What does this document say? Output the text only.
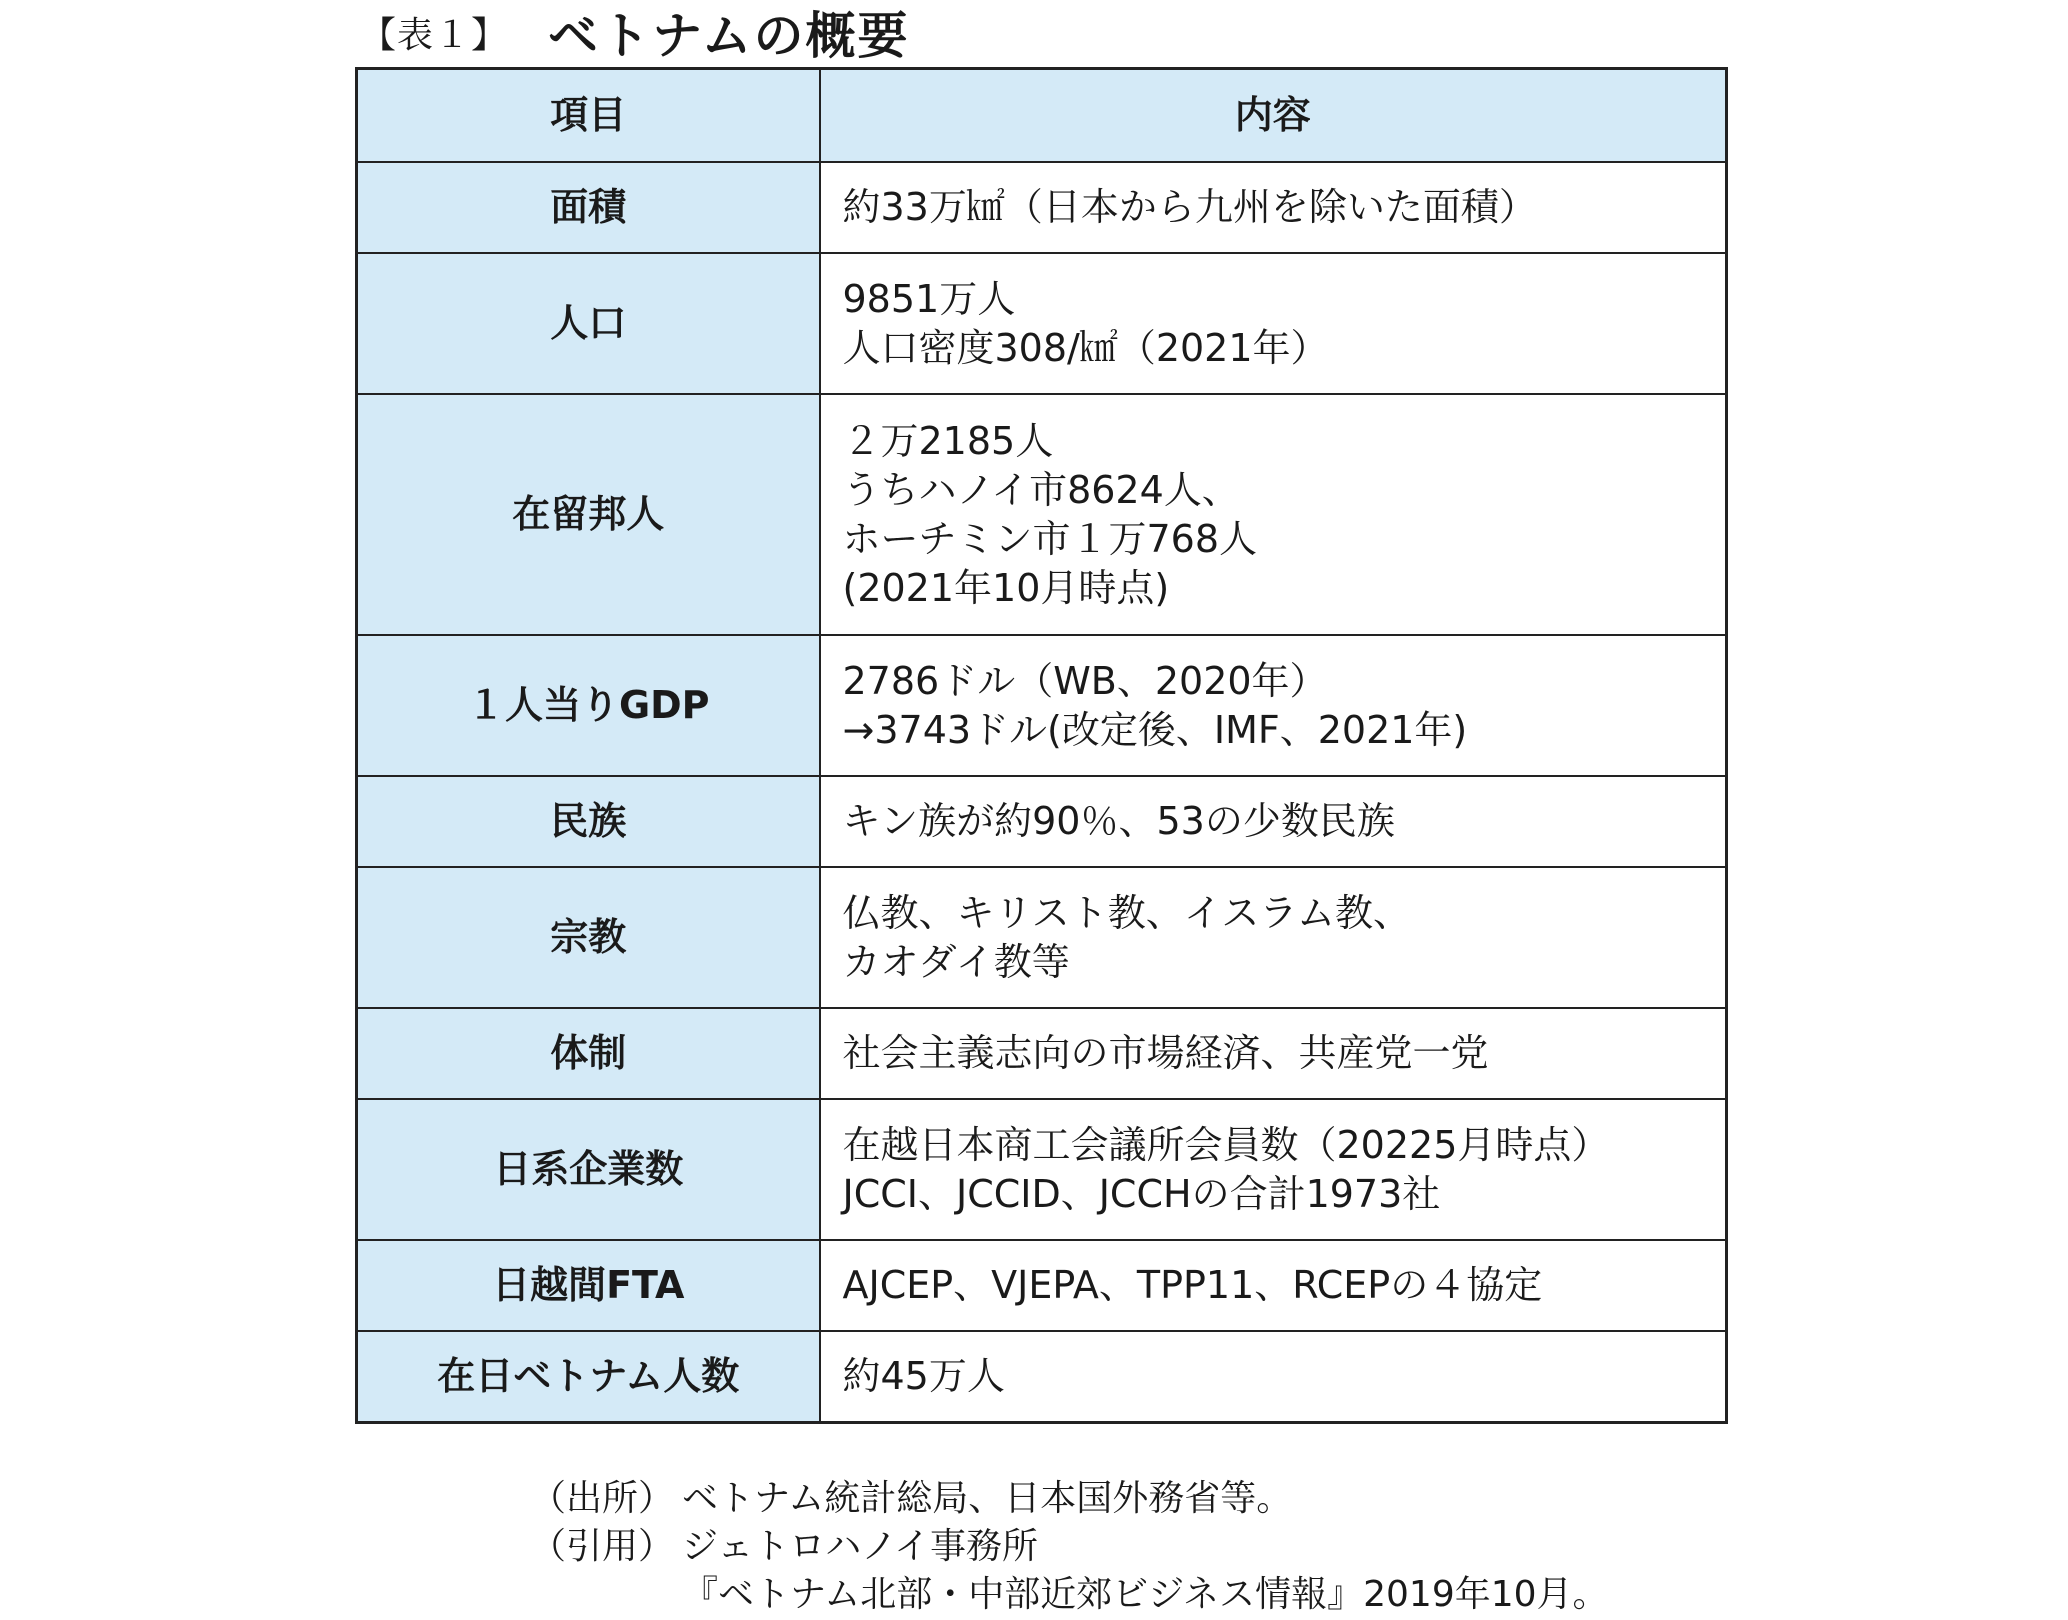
【表１】 ベトナムの概要
項目	内容
面積	約33万㎢（日本から九州を除いた面積）

人口	9851万人
人口密度308/㎢（2021年）

在留邦人	２万2185人
うちハノイ市8624人、
ホーチミン市１万768人
(2021年10月時点)

１人当りGDP	2786ドル（WB、2020年）
→3743ドル(改定後、IMF、2021年)

民族	キン族が約90％、53の少数民族

宗教	仏教、キリスト教、イスラム教、
カオダイ教等

体制	社会主義志向の市場経済、共産党一党

日系企業数	在越日本商工会議所会員数（20225月時点）
JCCI、JCCID、JCCHの合計1973社

日越間FTA	AJCEP、VJEPA、TPP11、RCEPの４協定

在日ベトナム人数	約45万人
（出所） ベトナム統計総局、日本国外務省等。
（引用） ジェトロハノイ事務所
『ベトナム北部・中部近郊ビジネス情報』2019年10月。
